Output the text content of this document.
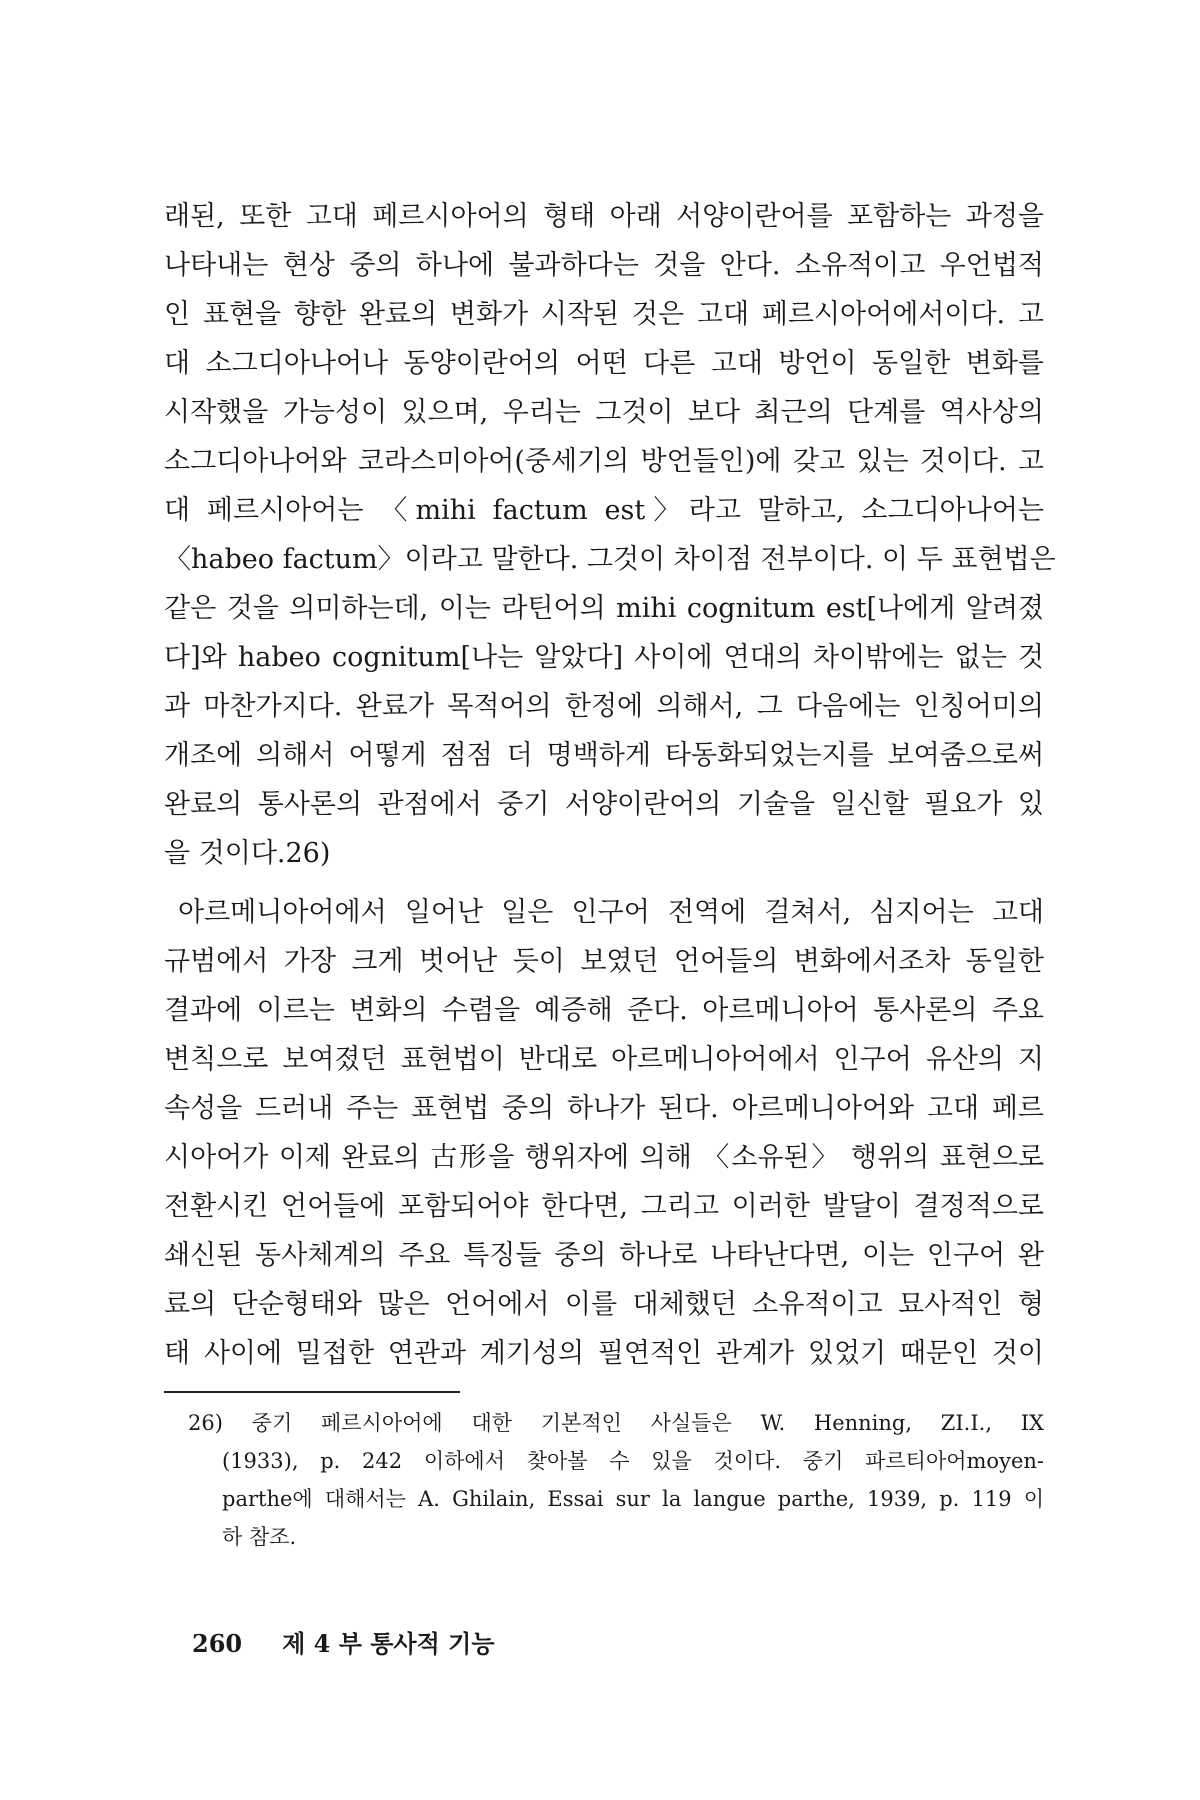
래된, 또한 고대 페르시아어의 형태 아래 서양이란어를 포함하는 과정을
나타내는 현상 중의 하나에 불과하다는 것을 안다. 소유적이고 우언법적
인 표현을 향한 완료의 변화가 시작된 것은 고대 페르시아어에서이다. 고
대 소그디아나어나 동양이란어의 어떤 다른 고대 방언이 동일한 변화를
시작했을 가능성이 있으며, 우리는 그것이 보다 최근의 단계를 역사상의
소그디아나어와 코라스미아어(중세기의 방언들인)에 갖고 있는 것이다. 고
대 페르시아어는 〈mihi factum est〉라고 말하고, 소그디아나어는
〈habeo factum〉이라고 말한다. 그것이 차이점 전부이다. 이 두 표현법은
같은 것을 의미하는데, 이는 라틴어의 mihi cognitum est[나에게 알려졌
다]와 habeo cognitum[나는 알았다] 사이에 연대의 차이밖에는 없는 것
과 마찬가지다. 완료가 목적어의 한정에 의해서, 그 다음에는 인칭어미의
개조에 의해서 어떻게 점점 더 명백하게 타동화되었는지를 보여줌으로써
완료의 통사론의 관점에서 중기 서양이란어의 기술을 일신할 필요가 있
을 것이다.26)
아르메니아어에서 일어난 일은 인구어 전역에 걸쳐서, 심지어는 고대
규범에서 가장 크게 벗어난 듯이 보였던 언어들의 변화에서조차 동일한
결과에 이르는 변화의 수렴을 예증해 준다. 아르메니아어 통사론의 주요
변칙으로 보여졌던 표현법이 반대로 아르메니아어에서 인구어 유산의 지
속성을 드러내 주는 표현법 중의 하나가 된다. 아르메니아어와 고대 페르
시아어가 이제 완료의 古形을 행위자에 의해 〈소유된〉 행위의 표현으로
전환시킨 언어들에 포함되어야 한다면, 그리고 이러한 발달이 결정적으로
쇄신된 동사체계의 주요 특징들 중의 하나로 나타난다면, 이는 인구어 완
료의 단순형태와 많은 언어에서 이를 대체했던 소유적이고 묘사적인 형
태 사이에 밀접한 연관과 계기성의 필연적인 관계가 있었기 때문인 것이
26) 중기 페르시아어에 대한 기본적인 사실들은 W. Henning, ZI.I., IX
(1933), p. 242 이하에서 찾아볼 수 있을 것이다. 중기 파르티아어moyen-
parthe에 대해서는 A. Ghilain, Essai sur la langue parthe, 1939, p. 119 이
하 참조.
260 제 4 부 통사적 기능
